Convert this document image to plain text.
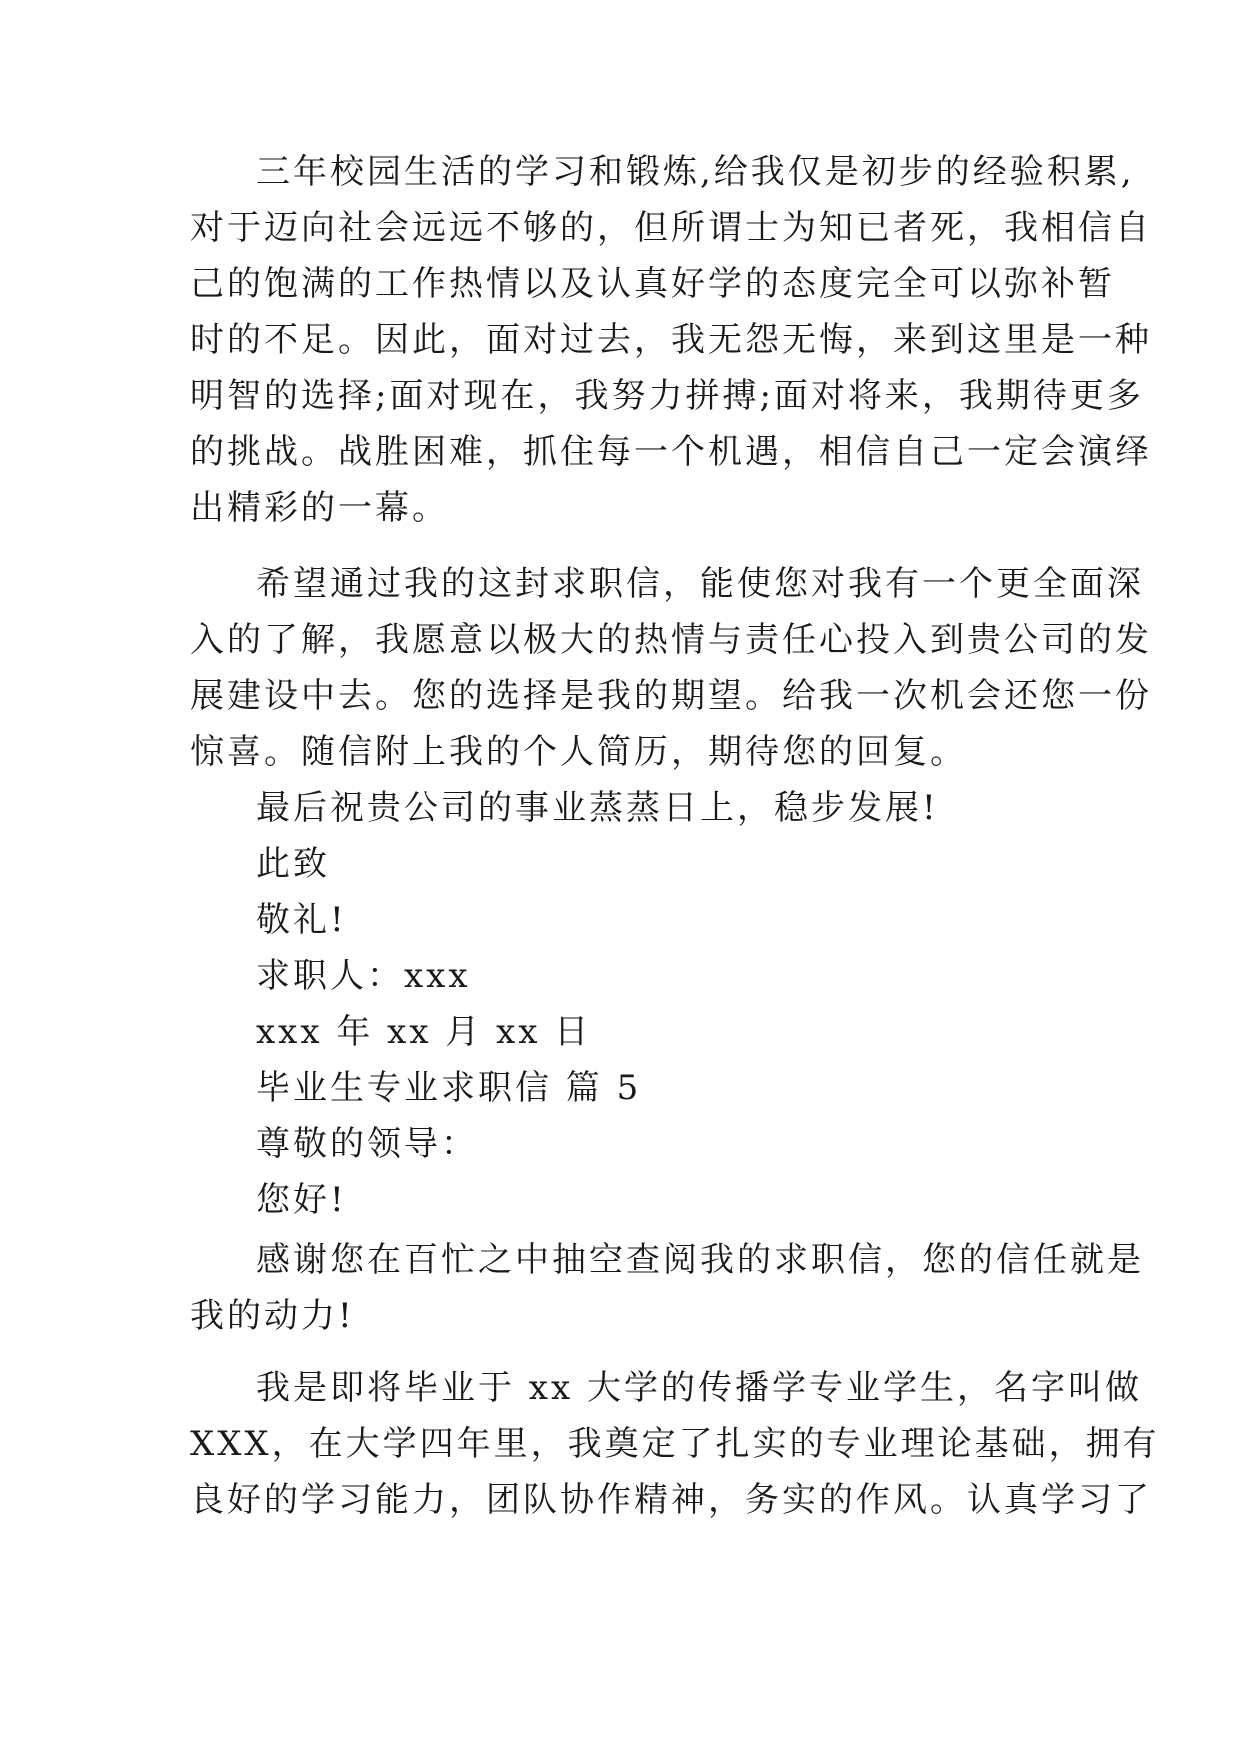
三年校园生活的学习和锻炼,给我仅是初步的经验积累,
对于迈向社会远远不够的，但所谓士为知已者死，我相信自
己的饱满的工作热情以及认真好学的态度完全可以弥补暂
时的不足。因此，面对过去，我无怨无悔，来到这里是一种
明智的选择;面对现在，我努力拼搏;面对将来，我期待更多
的挑战。战胜困难，抓住每一个机遇，相信自己一定会演绎
出精彩的一幕。
希望通过我的这封求职信，能使您对我有一个更全面深
入的了解，我愿意以极大的热情与责任心投入到贵公司的发
展建设中去。您的选择是我的期望。给我一次机会还您一份
惊喜。随信附上我的个人简历，期待您的回复。
最后祝贵公司的事业蒸蒸日上，稳步发展!
此致
敬礼!
求职人：xxx
xxx 年 xx 月 xx 日
毕业生专业求职信 篇 5
尊敬的领导：
您好!
感谢您在百忙之中抽空查阅我的求职信，您的信任就是
我的动力!
我是即将毕业于 xx 大学的传播学专业学生，名字叫做
XXX，在大学四年里，我奠定了扎实的专业理论基础，拥有
良好的学习能力，团队协作精神，务实的作风。认真学习了
